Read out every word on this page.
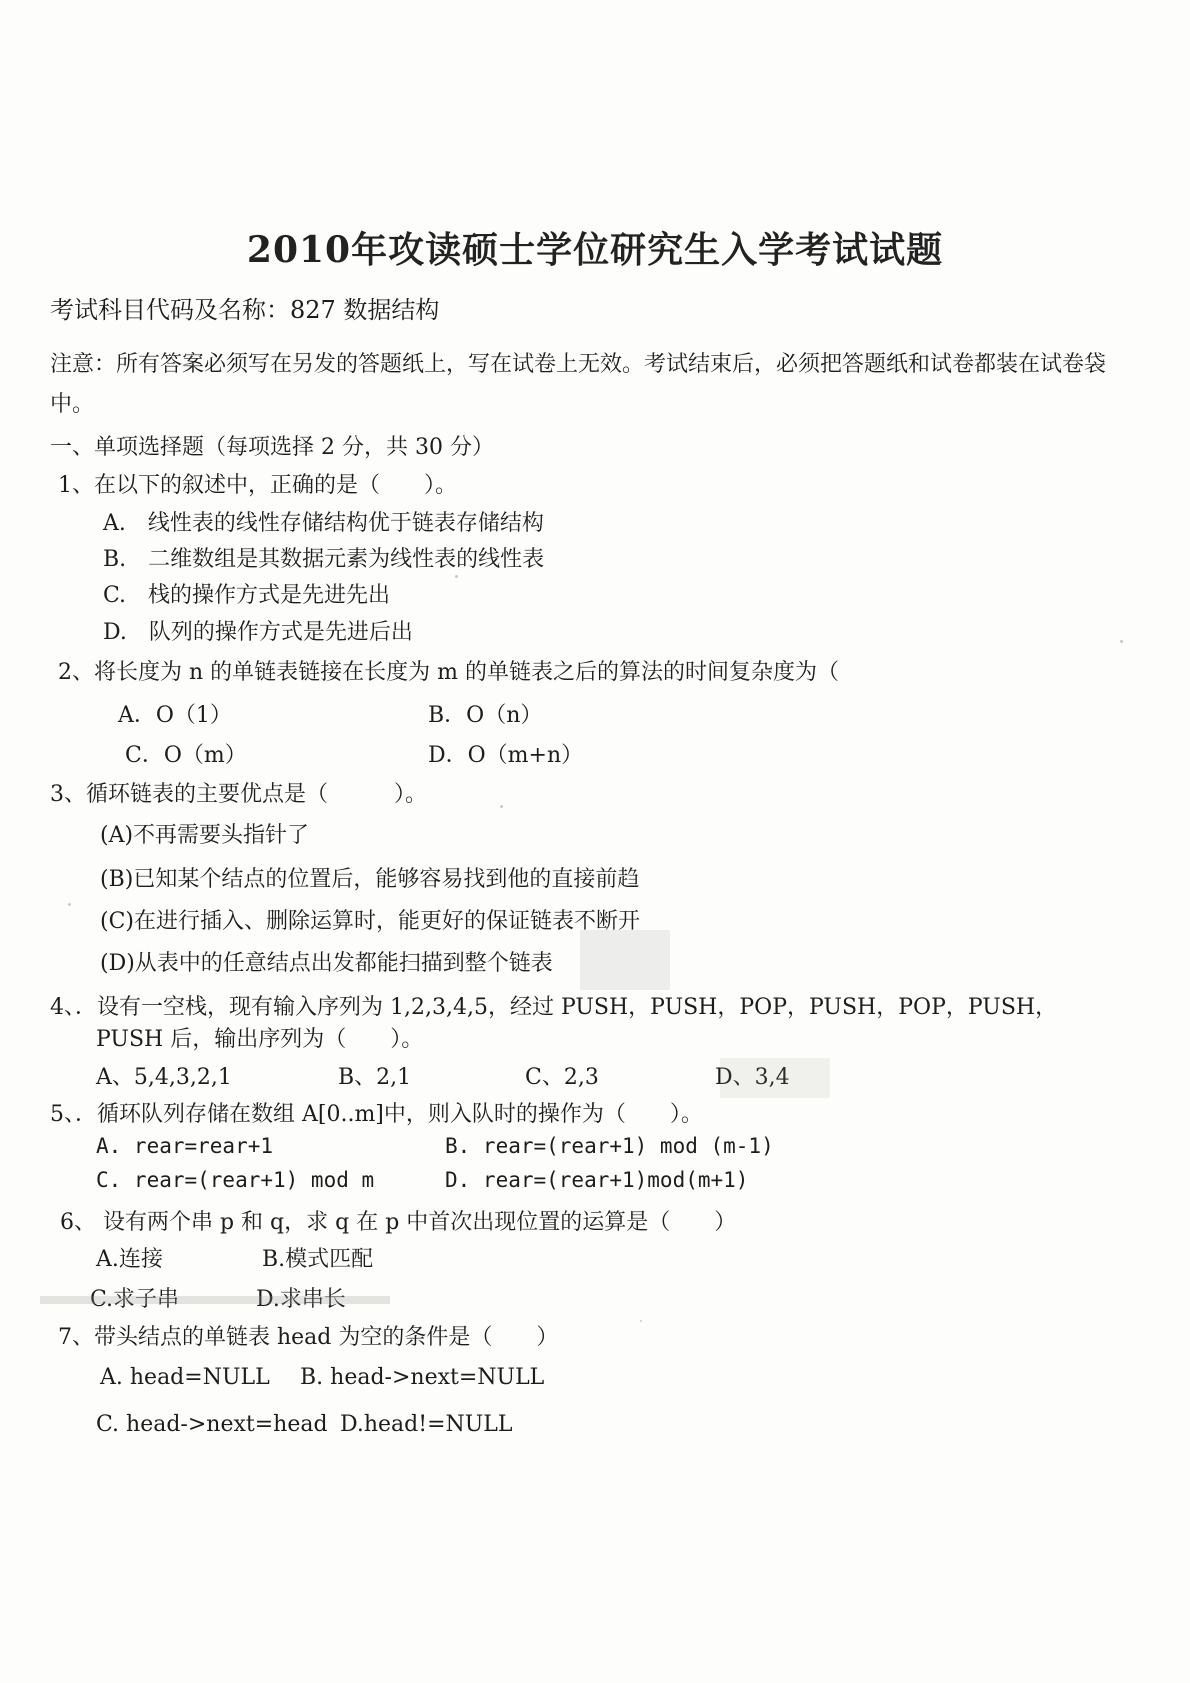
2010年攻读硕士学位研究生入学考试试题
考试科目代码及名称：827 数据结构
注意：所有答案必须写在另发的答题纸上，写在试卷上无效。考试结束后，必须把答题纸和试卷都装在试卷袋中。
一、单项选择题（每项选择 2 分，共 30 分）
1、在以下的叙述中，正确的是（　　）。
A.　线性表的线性存储结构优于链表存储结构
B.　二维数组是其数据元素为线性表的线性表
C.　栈的操作方式是先进先出
D.　队列的操作方式是先进后出
2、将长度为 n 的单链表链接在长度为 m 的单链表之后的算法的时间复杂度为（
A．O（1）	B．O（n）
C．O（m）	D．O（m+n）
3、循环链表的主要优点是（　　　）。
(A)不再需要头指针了
(B)已知某个结点的位置后，能够容易找到他的直接前趋
(C)在进行插入、删除运算时，能更好的保证链表不断开
(D)从表中的任意结点出发都能扫描到整个链表
4、．设有一空栈，现有输入序列为 1,2,3,4,5，经过 PUSH，PUSH，POP，PUSH，POP，PUSH，
PUSH 后，输出序列为（　　）。
A、5,4,3,2,1	B、2,1	C、2,3	D、3,4
5、．循环队列存储在数组 A[0..m]中，则入队时的操作为（　　）。
A. rear=rear+1	B. rear=(rear+1) mod (m-1)
C. rear=(rear+1) mod m	D. rear=(rear+1)mod(m+1)
6、 设有两个串 p 和 q，求 q 在 p 中首次出现位置的运算是（　　）
A.连接	B.模式匹配
C.求子串	D.求串长
7、带头结点的单链表 head 为空的条件是（　　）
A. head=NULL B. head->next=NULL
C. head->next=head D.head!=NULL
